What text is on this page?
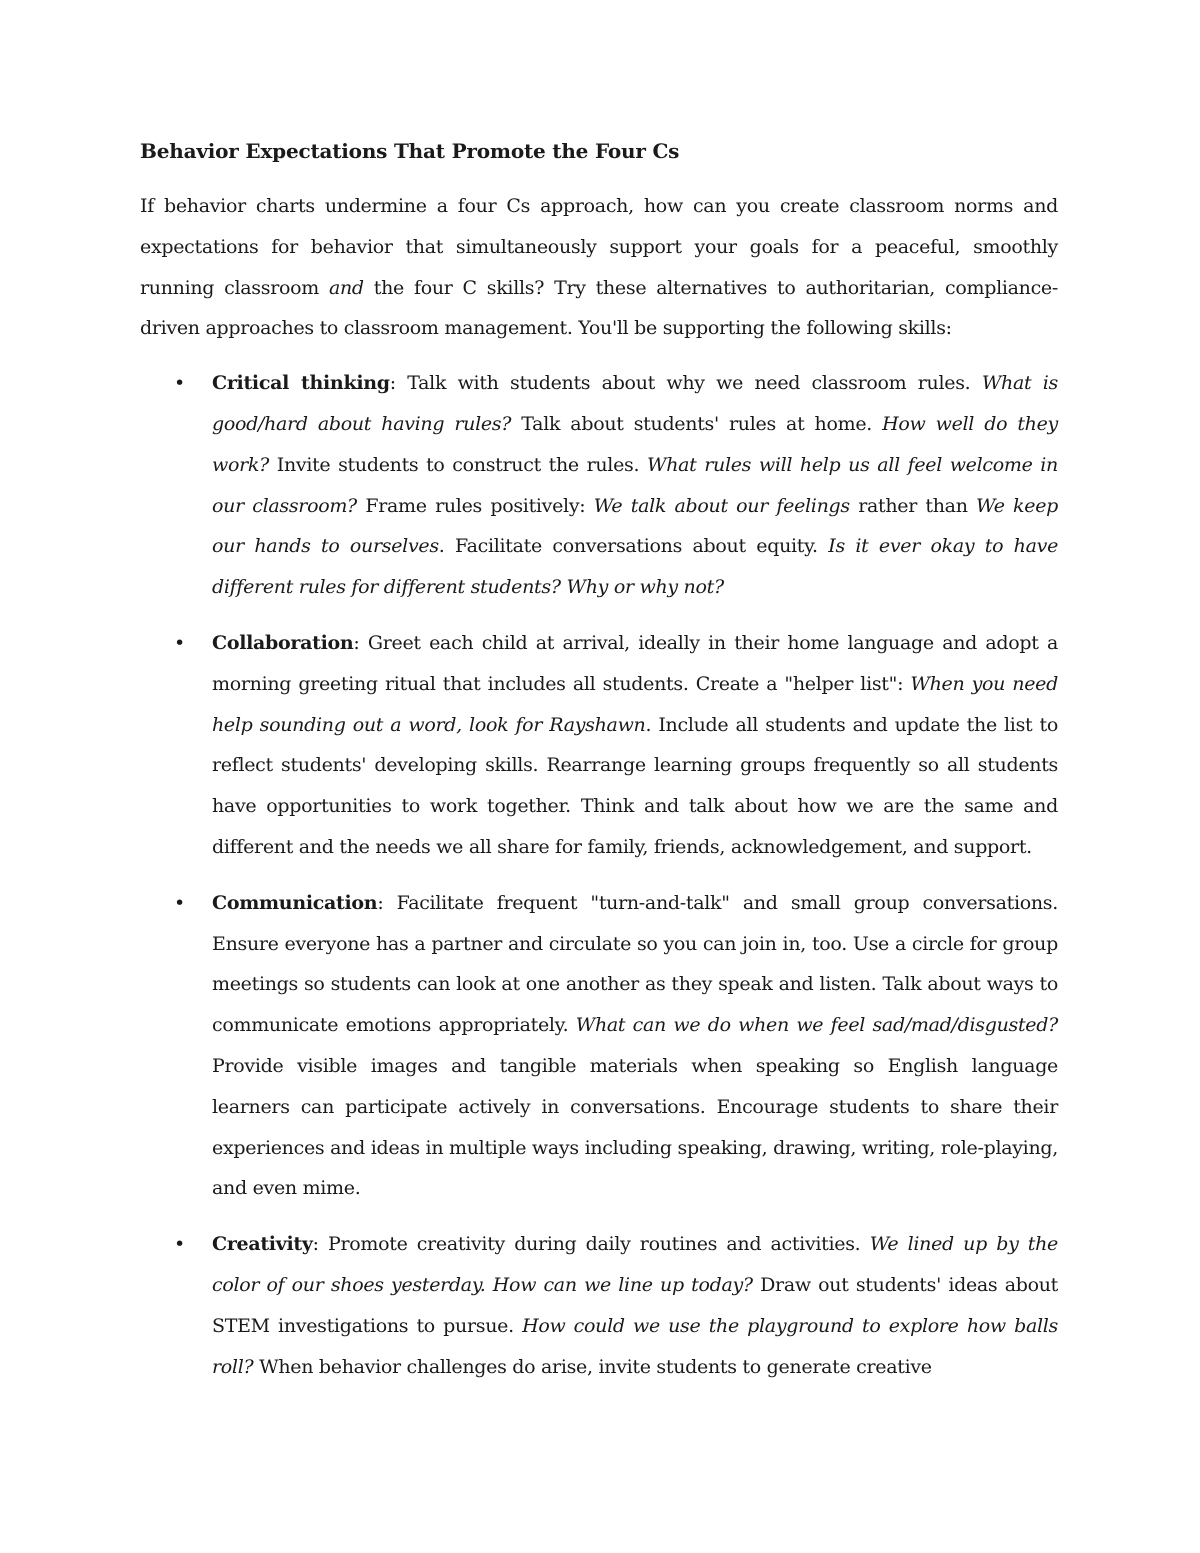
Behavior Expectations That Promote the Four Cs

If behavior charts undermine a four Cs approach, how can you create classroom norms and expectations for behavior that simultaneously support your goals for a peaceful, smoothly running classroom and the four C skills? Try these alternatives to authoritarian, compliance-driven approaches to classroom management. You'll be supporting the following skills:

• Critical thinking: Talk with students about why we need classroom rules. What is good/hard about having rules? Talk about students' rules at home. How well do they work? Invite students to construct the rules. What rules will help us all feel welcome in our classroom? Frame rules positively: We talk about our feelings rather than We keep our hands to ourselves. Facilitate conversations about equity. Is it ever okay to have different rules for different students? Why or why not?
• Collaboration: Greet each child at arrival, ideally in their home language and adopt a morning greeting ritual that includes all students. Create a "helper list": When you need help sounding out a word, look for Rayshawn. Include all students and update the list to reflect students' developing skills. Rearrange learning groups frequently so all students have opportunities to work together. Think and talk about how we are the same and different and the needs we all share for family, friends, acknowledgement, and support.
• Communication: Facilitate frequent "turn-and-talk" and small group conversations. Ensure everyone has a partner and circulate so you can join in, too. Use a circle for group meetings so students can look at one another as they speak and listen. Talk about ways to communicate emotions appropriately. What can we do when we feel sad/mad/disgusted? Provide visible images and tangible materials when speaking so English language learners can participate actively in conversations. Encourage students to share their experiences and ideas in multiple ways including speaking, drawing, writing, role-playing, and even mime.
• Creativity: Promote creativity during daily routines and activities. We lined up by the color of our shoes yesterday. How can we line up today? Draw out students' ideas about STEM investigations to pursue. How could we use the playground to explore how balls roll? When behavior challenges do arise, invite students to generate creative
